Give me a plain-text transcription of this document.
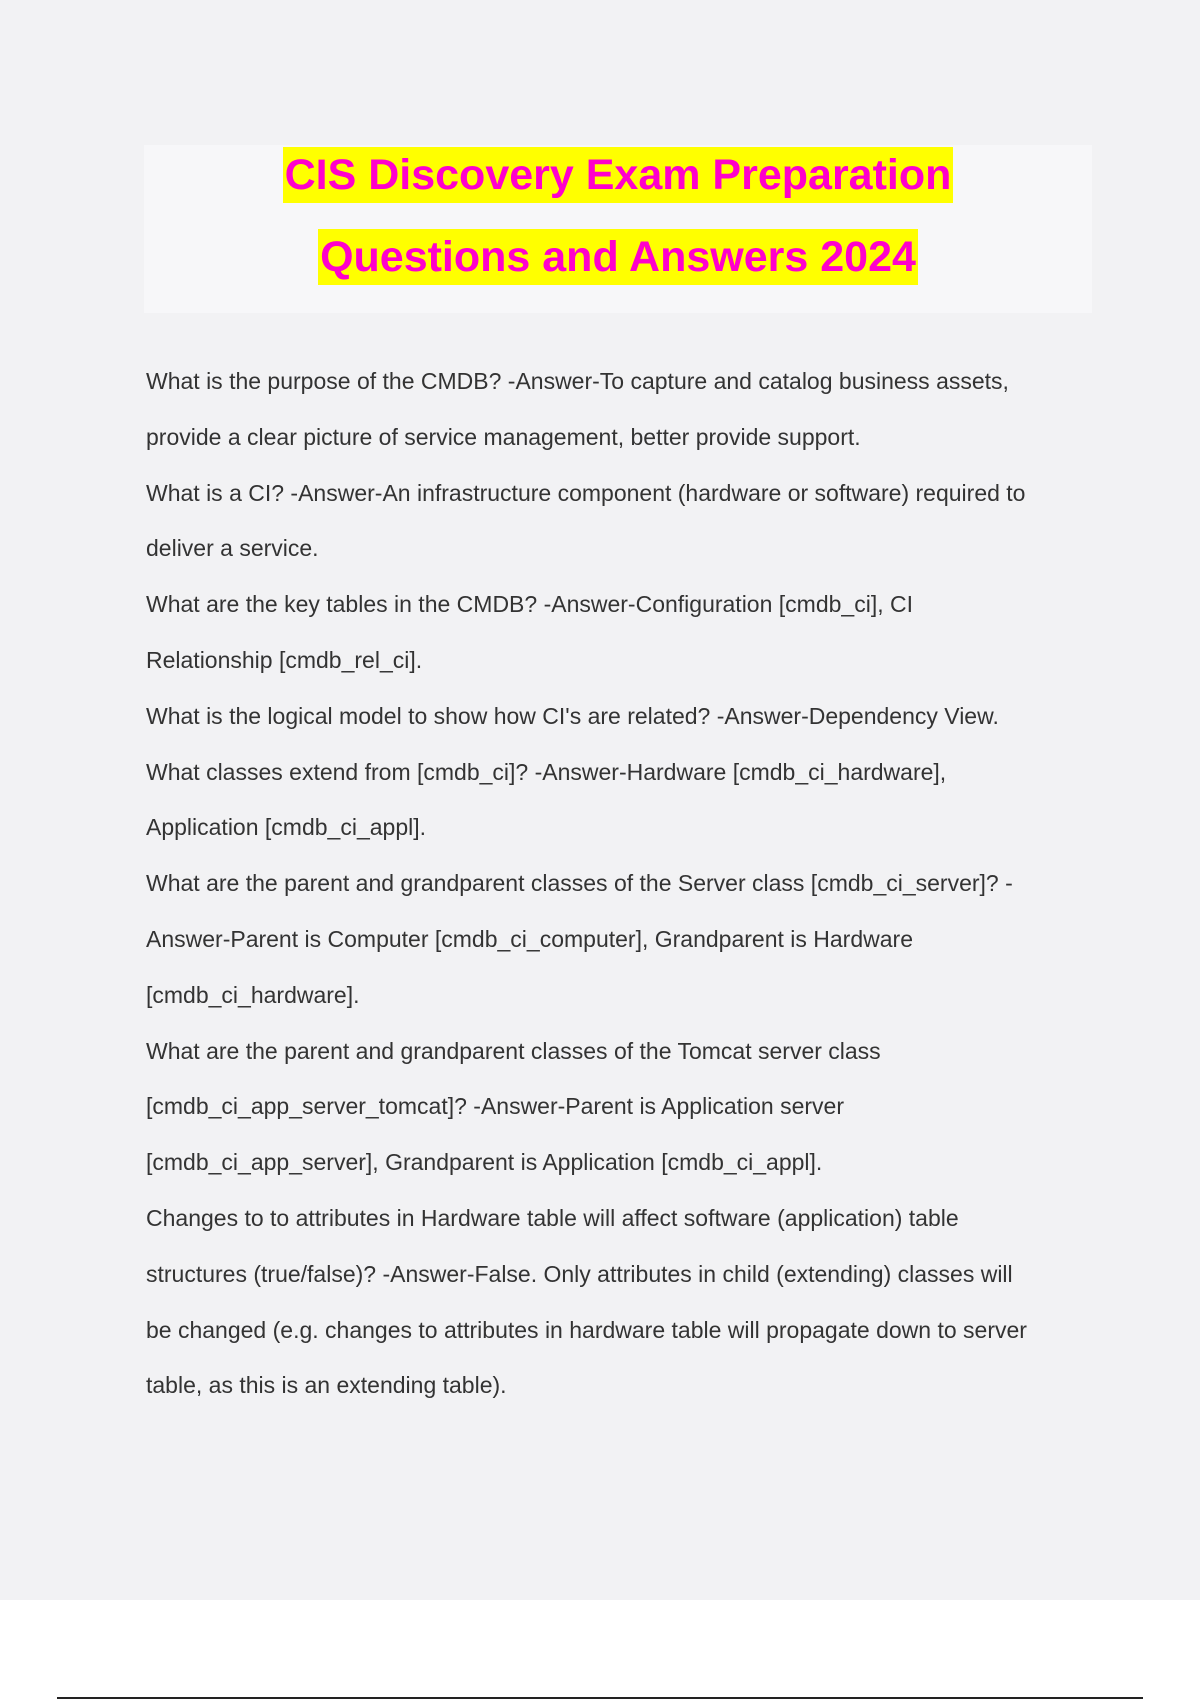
CIS Discovery Exam Preparation
Questions and Answers 2024
What is the purpose of the CMDB? -Answer-To capture and catalog business assets,
provide a clear picture of service management, better provide support.
What is a CI? -Answer-An infrastructure component (hardware or software) required to
deliver a service.
What are the key tables in the CMDB? -Answer-Configuration [cmdb_ci], CI
Relationship [cmdb_rel_ci].
What is the logical model to show how CI's are related? -Answer-Dependency View.
What classes extend from [cmdb_ci]? -Answer-Hardware [cmdb_ci_hardware],
Application [cmdb_ci_appl].
What are the parent and grandparent classes of the Server class [cmdb_ci_server]? -
Answer-Parent is Computer [cmdb_ci_computer], Grandparent is Hardware
[cmdb_ci_hardware].
What are the parent and grandparent classes of the Tomcat server class
[cmdb_ci_app_server_tomcat]? -Answer-Parent is Application server
[cmdb_ci_app_server], Grandparent is Application [cmdb_ci_appl].
Changes to to attributes in Hardware table will affect software (application) table
structures (true/false)? -Answer-False. Only attributes in child (extending) classes will
be changed (e.g. changes to attributes in hardware table will propagate down to server
table, as this is an extending table).
